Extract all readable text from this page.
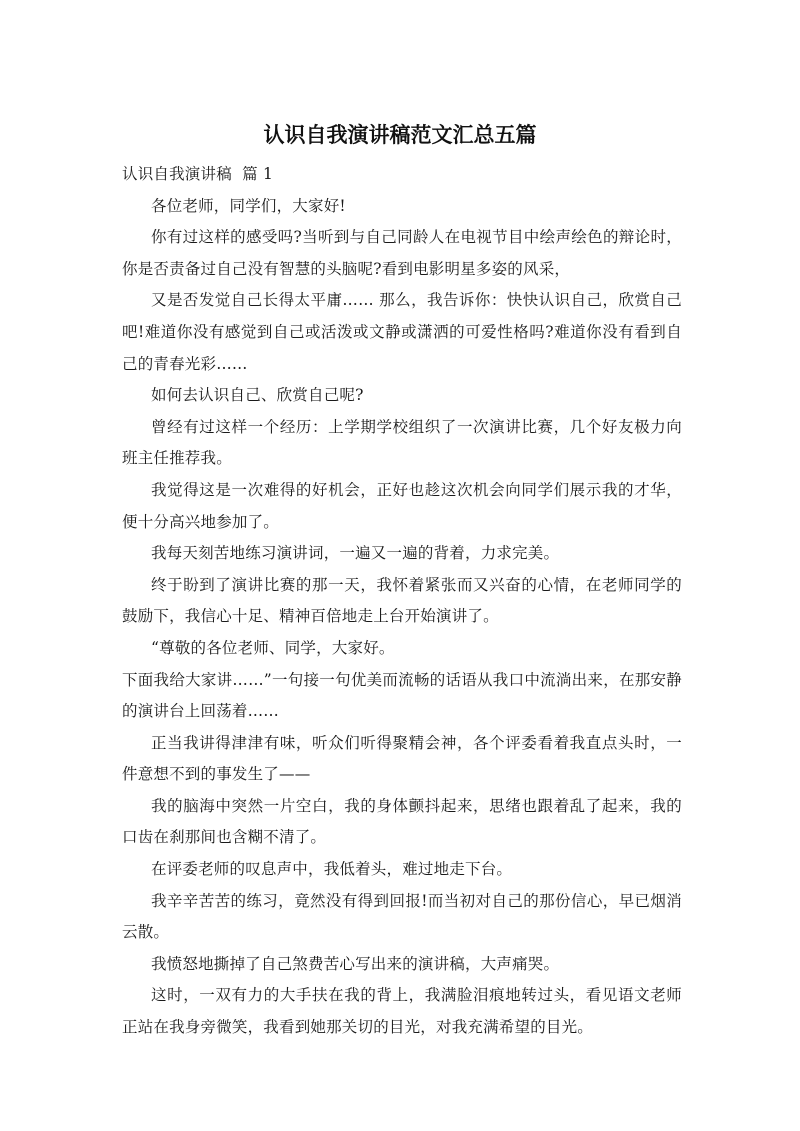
认识自我演讲稿范文汇总五篇

认识自我演讲稿  篇 1

各位老师，同学们，大家好!

你有过这样的感受吗?当听到与自己同龄人在电视节目中绘声绘色的辩论时，你是否责备过自己没有智慧的头脑呢?看到电影明星多姿的风采，

又是否发觉自己长得太平庸…… 那么，我告诉你：快快认识自己，欣赏自己吧!难道你没有感觉到自己或活泼或文静或潇洒的可爱性格吗?难道你没有看到自己的青春光彩……

如何去认识自己、欣赏自己呢?

曾经有过这样一个经历：上学期学校组织了一次演讲比赛，几个好友极力向班主任推荐我。

我觉得这是一次难得的好机会，正好也趁这次机会向同学们展示我的才华，便十分高兴地参加了。

我每天刻苦地练习演讲词，一遍又一遍的背着，力求完美。

终于盼到了演讲比赛的那一天，我怀着紧张而又兴奋的心情，在老师同学的鼓励下，我信心十足、精神百倍地走上台开始演讲了。

“尊敬的各位老师、同学，大家好。

下面我给大家讲……”一句接一句优美而流畅的话语从我口中流淌出来，在那安静的演讲台上回荡着……

正当我讲得津津有味，听众们听得聚精会神，各个评委看着我直点头时，一件意想不到的事发生了——

我的脑海中突然一片空白，我的身体颤抖起来，思绪也跟着乱了起来，我的口齿在刹那间也含糊不清了。

在评委老师的叹息声中，我低着头，难过地走下台。

我辛辛苦苦的练习，竟然没有得到回报!而当初对自己的那份信心，早已烟消云散。

我愤怒地撕掉了自己煞费苦心写出来的演讲稿，大声痛哭。

这时，一双有力的大手扶在我的背上，我满脸泪痕地转过头，看见语文老师正站在我身旁微笑，我看到她那关切的目光，对我充满希望的目光。
